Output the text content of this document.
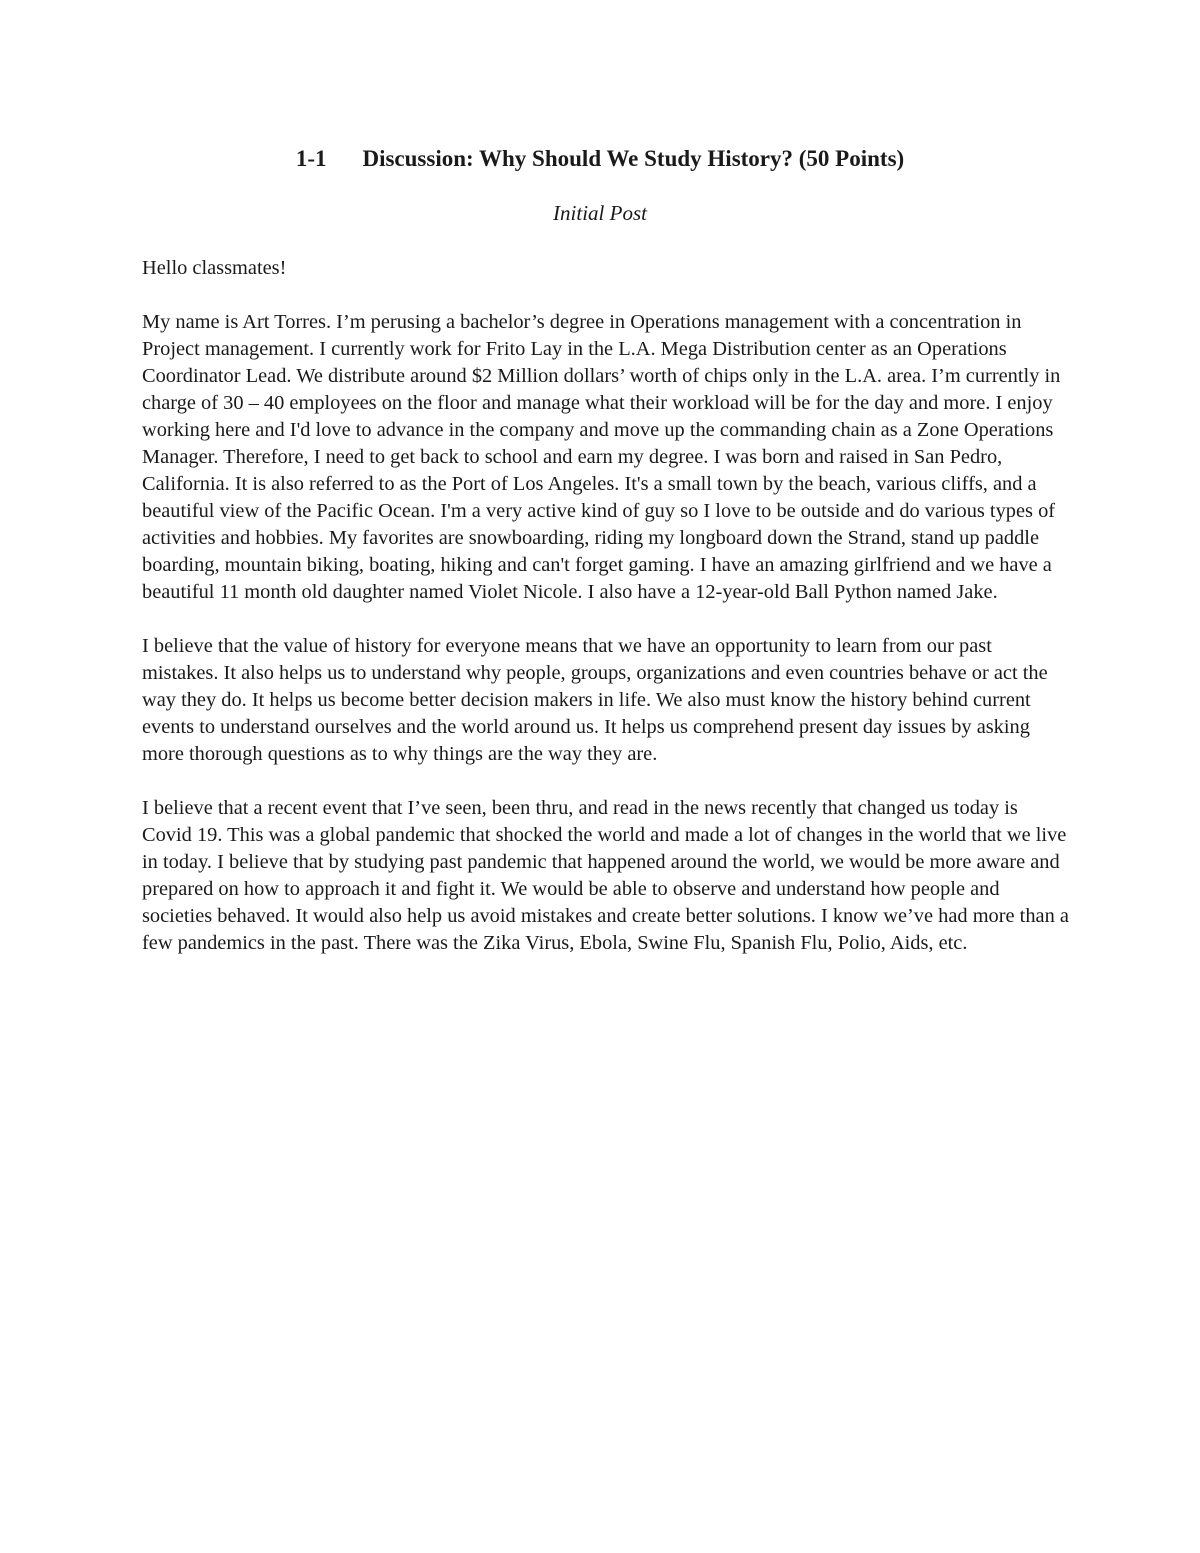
1-1 Discussion: Why Should We Study History? (50 Points)
Initial Post

Hello classmates!

My name is Art Torres. I’m perusing a bachelor’s degree in Operations management with a concentration in Project management. I currently work for Frito Lay in the L.A. Mega Distribution center as an Operations Coordinator Lead. We distribute around $2 Million dollars’ worth of chips only in the L.A. area. I’m currently in charge of 30 – 40 employees on the floor and manage what their workload will be for the day and more. I enjoy working here and I'd love to advance in the company and move up the commanding chain as a Zone Operations Manager. Therefore, I need to get back to school and earn my degree. I was born and raised in San Pedro, California. It is also referred to as the Port of Los Angeles. It's a small town by the beach, various cliffs, and a beautiful view of the Pacific Ocean. I'm a very active kind of guy so I love to be outside and do various types of activities and hobbies. My favorites are snowboarding, riding my longboard down the Strand, stand up paddle boarding, mountain biking, boating, hiking and can't forget gaming. I have an amazing girlfriend and we have a beautiful 11 month old daughter named Violet Nicole. I also have a 12-year-old Ball Python named Jake.

I believe that the value of history for everyone means that we have an opportunity to learn from our past mistakes. It also helps us to understand why people, groups, organizations and even countries behave or act the way they do. It helps us become better decision makers in life. We also must know the history behind current events to understand ourselves and the world around us. It helps us comprehend present day issues by asking more thorough questions as to why things are the way they are.

I believe that a recent event that I’ve seen, been thru, and read in the news recently that changed us today is Covid 19. This was a global pandemic that shocked the world and made a lot of changes in the world that we live in today. I believe that by studying past pandemic that happened around the world, we would be more aware and prepared on how to approach it and fight it. We would be able to observe and understand how people and societies behaved. It would also help us avoid mistakes and create better solutions. I know we’ve had more than a few pandemics in the past. There was the Zika Virus, Ebola, Swine Flu, Spanish Flu, Polio, Aids, etc.
